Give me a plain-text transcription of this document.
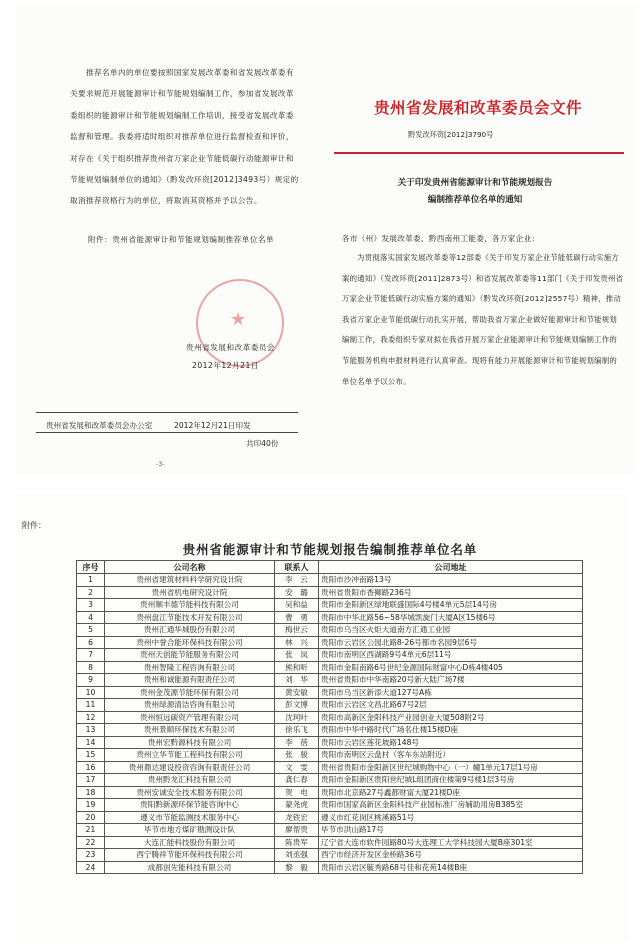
推荐名单内的单位要按照国家发展改革委和省发展改革委有关要求规范开展能源审计和节能规划编制工作，参加省发展改革委组织的能源审计和节能规划编制工作培训，接受省发展改革委监督和管理。我委将适时组织对推荐单位进行监督检查和评价，对存在《关于组织推荐贵州省万家企业节能低碳行动能源审计和节能规划编制单位的通知》（黔发改环资[2012]3493号）规定的取消推荐资格行为的单位，将取消其资格并予以公告。

附件：贵州省能源审计和节能规划编制推荐单位名单
★
贵州省发展和改革委员会
2012年12月21日
贵州省发展和改革委员会办公室	2012年12月21日印发
共印40份
-3-
贵州省发展和改革委员会文件
黔发改环资[2012]3790号
关于印发贵州省能源审计和节能规划报告
编制推荐单位名单的通知
各市（州）发展改革委、黔西南州工能委，各万家企业：
为贯彻落实国家发展改革委等12部委《关于印发万家企业节能低碳行动实施方案的通知》（发改环资[2011]2873号）和省发展改革委等11部门《关于印发贵州省万家企业节能低碳行动实施方案的通知》（黔发改环资[2012]2557号）精神，推动我省万家企业节能低碳行动扎实开展，帮助我省万家企业做好能源审计和节能规划编制工作，我委组织专家对拟在我省开展万家企业能源审计和节能规划编制工作的节能服务机构申报材料进行认真审查。现将有能力开展能源审计和节能规划编制的单位名单予以公布。
附件：
贵州省能源审计和节能规划报告编制推荐单位名单
序号	公司名称	联系人	公司地址
1	贵州省建筑材料科学研究设计院	李　云	贵阳市沙冲南路13号
2	贵州省机电研究设计院	安　璐	贵州省贵阳市香狮路236号
3	贵州顺丰德节能科技有限公司	吴和益	贵阳市金阳新区绿地联盛国际4号楼4单元5层14号房
4	贵州盘江节能技术开发有限公司	曹　勇	贵阳市中华北路56~58华城凯旋门大厦A区15楼6号
5	贵州汇通华城股份有限公司	梅世云	贵阳市乌当区火炬大道南方汇通工业园
6	贵州中誉合能环保科技有限公司	林　兴	贵阳市云岩区公园北路8-26号都市名园9层6号
7	贵州天创能节能服务有限公司	张　岚	贵阳市南明区西湖路9号4单元6层11号
8	贵州智隆工程咨询有限公司	熊和听	贵阳市金阳南路6号世纪金源国际财富中心D栋4楼405
9	贵州和诚能源有限责任公司	刘　华	贵州省贵阳市中华南路20号新大陆广场7楼
10	贵州金茂源节能环保有限公司	黄安敏	贵阳市乌当区新添大道127号A栋
11	贵州绿源清洁咨询有限公司	彭文博	贵阳市云岩区文昌北路67号2层
12	贵州恒远碳资产管理有限公司	沈珂叶	贵阳市高新区金阳科技产业园创业大厦508附2号
13	贵州景顺环保技术有限公司	徐乐飞	贵阳市中华中路时代广场名仕楼15楼D座
14	贵州宏黔源科技有限公司	李　蓓	贵阳市云岩区莲花坡路148号
15	贵州立华节能工程科技有限公司	张　骏	贵阳市南明区云盘村（客车东站附近）
16	贵州鼎达建设投资咨询有限责任公司	文　雯	贵州省贵阳市金阳新区世纪城购物中心（一）幢1单元17层1号房
17	贵州黔龙汇科技有限公司	龚仁春	贵阳市金阳新区贵阳世纪城L组团商住楼第9号楼1层3号房
18	贵州安诚安全技术服务有限公司	贺　电	贵阳市北京路27号鑫都财富大厦21楼D座
19	贵阳黔新源环保节能咨询中心	蒙尧虎	贵阳市国家高新区金阳科技产业园标准厂房辅助用房B385室
20	遵义市节能监测技术服务中心	龙铁宏	遵义市红花岗区桃溪路51号
21	毕节市地方煤矿勘测设计队	廖帮贵	毕节市洪山路17号
22	大连汇能科技股份有限公司	陈贵军	辽宁省大连市软件园路80号大连理工大学科技园大厦B座301室
23	西宁腾祥节能环保科技有限公司	刘丞强	西宁市经济开发区金桥路36号
24	成都创先能科技有限公司	黎　毅	贵阳市云岩区毓秀路68号佳和花苑14楼B座
